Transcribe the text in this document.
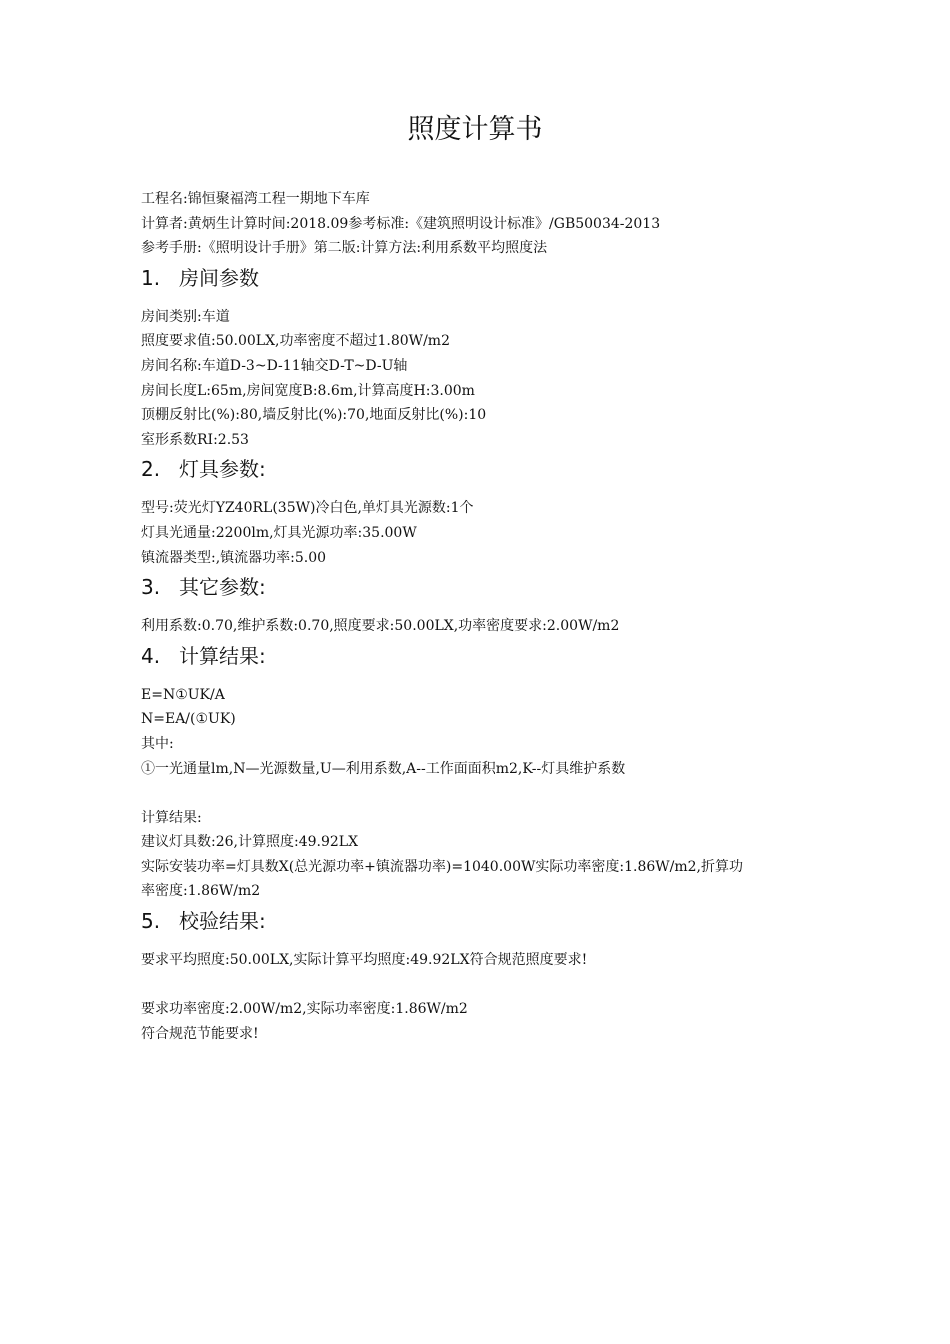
照度计算书
工程名:锦恒聚福湾工程一期地下车库
计算者:黄炳生计算时间:2018.09参考标准:《建筑照明设计标准》/GB50034-2013
参考手册:《照明设计手册》第二版:计算方法:利用系数平均照度法
1. 房间参数
房间类别:车道
照度要求值:50.00LX,功率密度不超过1.80W/m2
房间名称:车道D-3~D-11轴交D-T~D-U轴
房间长度L:65m,房间宽度B:8.6m,计算高度H:3.00m
顶棚反射比(%):80,墙反射比(%):70,地面反射比(%):10
室形系数RI:2.53
2. 灯具参数:
型号:荧光灯YZ40RL(35W)冷白色,单灯具光源数:1个
灯具光通量:2200lm,灯具光源功率:35.00W
镇流器类型:,镇流器功率:5.00
3. 其它参数:
利用系数:0.70,维护系数:0.70,照度要求:50.00LX,功率密度要求:2.00W/m2
4. 计算结果:
E=N①UK/A
N=EA/(①UK)
其中:
①一光通量lm,N—光源数量,U—利用系数,A--工作面面积m2,K--灯具维护系数
计算结果:
建议灯具数:26,计算照度:49.92LX
实际安装功率=灯具数X(总光源功率+镇流器功率)=1040.00W实际功率密度:1.86W/m2,折算功
率密度:1.86W/m2
5. 校验结果:
要求平均照度:50.00LX,实际计算平均照度:49.92LX符合规范照度要求!
要求功率密度:2.00W/m2,实际功率密度:1.86W/m2
符合规范节能要求!
